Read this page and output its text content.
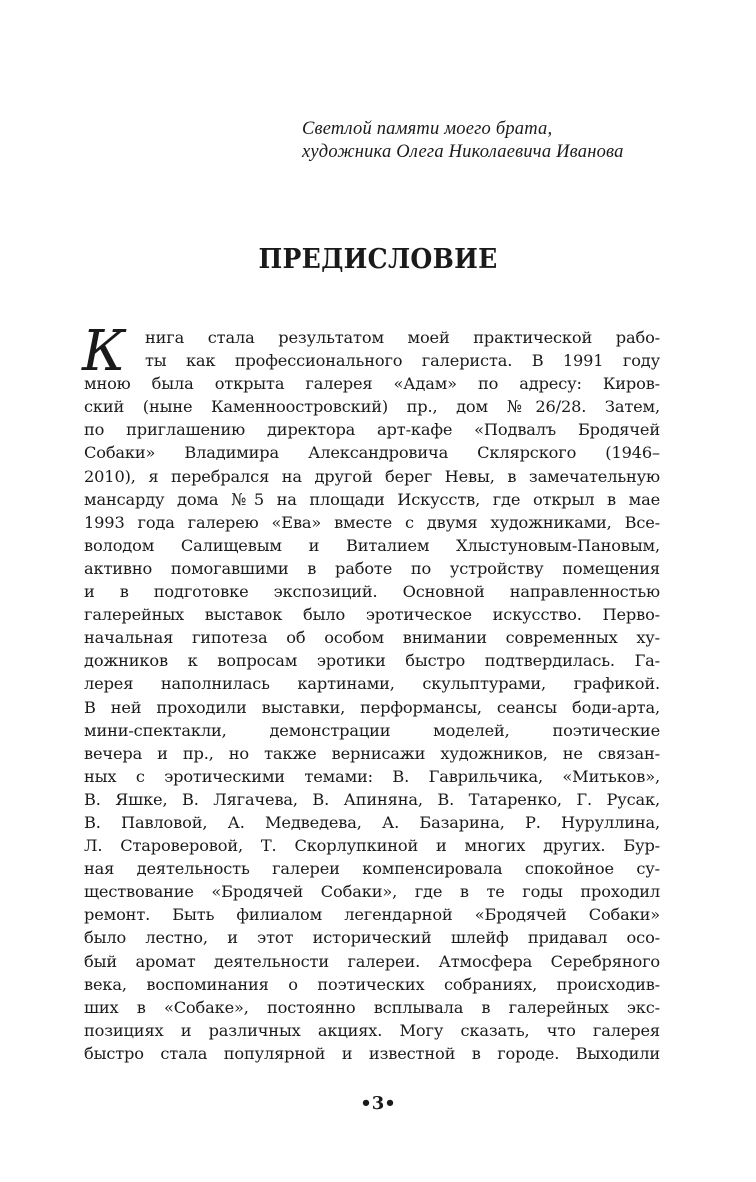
Светлой памяти моего брата,
художника Олега Николаевича Иванова
ПРЕДИСЛОВИЕ
К	нига стала результатом моей практической рабо-
ты как профессионального галериста. В 1991 году
мною была открыта галерея «Адам» по адресу: Киров-
ский (ныне Каменноостровский) пр., дом №26/28. Затем,
по приглашению директора арт-кафе «Подвалъ Бродячей
Собаки» Владимира Александровича Склярского (1946–
2010), я перебрался на другой берег Невы, в замечательную
мансарду дома №5 на площади Искусств, где открыл в мае
1993 года галерею «Ева» вместе с двумя художниками, Все-
володом Салищевым и Виталием Хлыстуновым-Пановым,
активно помогавшими в работе по устройству помещения
и в подготовке экспозиций. Основной направленностью
галерейных выставок было эротическое искусство. Перво-
начальная гипотеза об особом внимании современных ху-
дожников к вопросам эротики быстро подтвердилась. Га-
лерея наполнилась картинами, скульптурами, графикой.
В ней проходили выставки, перформансы, сеансы боди-арта,
мини-спектакли, демонстрации моделей, поэтические
вечера и пр., но также вернисажи художников, не связан-
ных с эротическими темами: В. Гаврильчика, «Митьков»,
В. Яшке, В. Лягачева, В. Апиняна, В. Татаренко, Г. Русак,
В. Павловой, А. Медведева, А. Базарина, Р. Нуруллина,
Л. Староверовой, Т. Скорлупкиной и многих других. Бур-
ная деятельность галереи компенсировала спокойное су-
ществование «Бродячей Собаки», где в те годы проходил
ремонт. Быть филиалом легендарной «Бродячей Собаки»
было лестно, и этот исторический шлейф придавал осо-
бый аромат деятельности галереи. Атмосфера Серебряного
века, воспоминания о поэтических собраниях, происходив-
ших в «Собаке», постоянно всплывала в галерейных экс-
позициях и различных акциях. Могу сказать, что галерея
быстро стала популярной и известной в городе. Выходили
•3•
